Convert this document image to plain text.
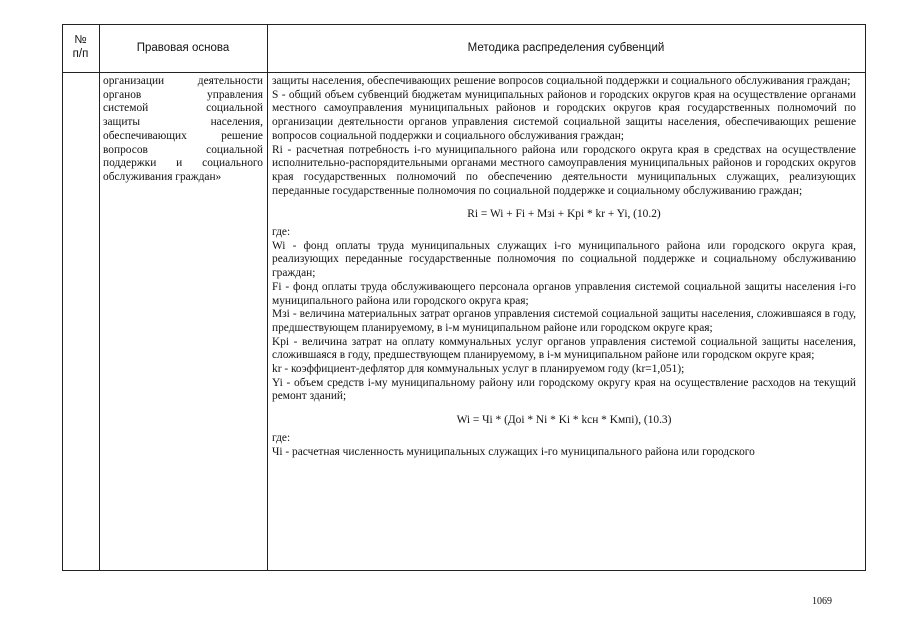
№
п/п	Правовая основа	Методика распределения субвенций
организации деятельности
органов управления
системой социальной
защиты населения,
обеспечивающих решение
вопросов социальной
поддержки и социального
обслуживания граждан»
защиты населения, обеспечивающих решение вопросов социальной поддержки и социального обслуживания граждан;
S - общий объем субвенций бюджетам муниципальных районов и городских округов края на осуществление органами местного самоуправления муниципальных районов и городских округов края государственных полномочий по организации деятельности органов управления системой социальной защиты населения, обеспечивающих решение вопросов социальной поддержки и социального обслуживания граждан;
Ri - расчетная потребность i-го муниципального района или городского округа края в средствах на осуществление исполнительно-распорядительными органами местного самоуправления муниципальных районов и городских округов края государственных полномочий по обеспечению деятельности муниципальных служащих, реализующих переданные государственные полномочия по социальной поддержке и социальному обслуживанию граждан;
Ri = Wi + Fi + Mзi + Kpi * kr + Yi, (10.2)
где:
Wi - фонд оплаты труда муниципальных служащих i-го муниципального района или городского округа края, реализующих переданные государственные полномочия по социальной поддержке и социальному обслуживанию граждан;
Fi - фонд оплаты труда обслуживающего персонала органов управления системой социальной защиты населения i-го муниципального района или городского округа края;
Mзi - величина материальных затрат органов управления системой социальной защиты населения, сложившаяся в году, предшествующем планируемому, в i-м муниципальном районе или городском округе края;
Kpi - величина затрат на оплату коммунальных услуг органов управления системой социальной защиты населения, сложившаяся в году, предшествующем планируемому, в i-м муниципальном районе или городском округе края;
kr - коэффициент-дефлятор для коммунальных услуг в планируемом году (kr=1,051);
Yi - объем средств i-му муниципальному району или городскому округу края на осуществление расходов на текущий ремонт зданий;
Wi = Чi * (Доi * Ni * Ki * kсн * Kмпi), (10.3)
где:
Чi - расчетная численность муниципальных служащих i-го муниципального района или городского
1069
